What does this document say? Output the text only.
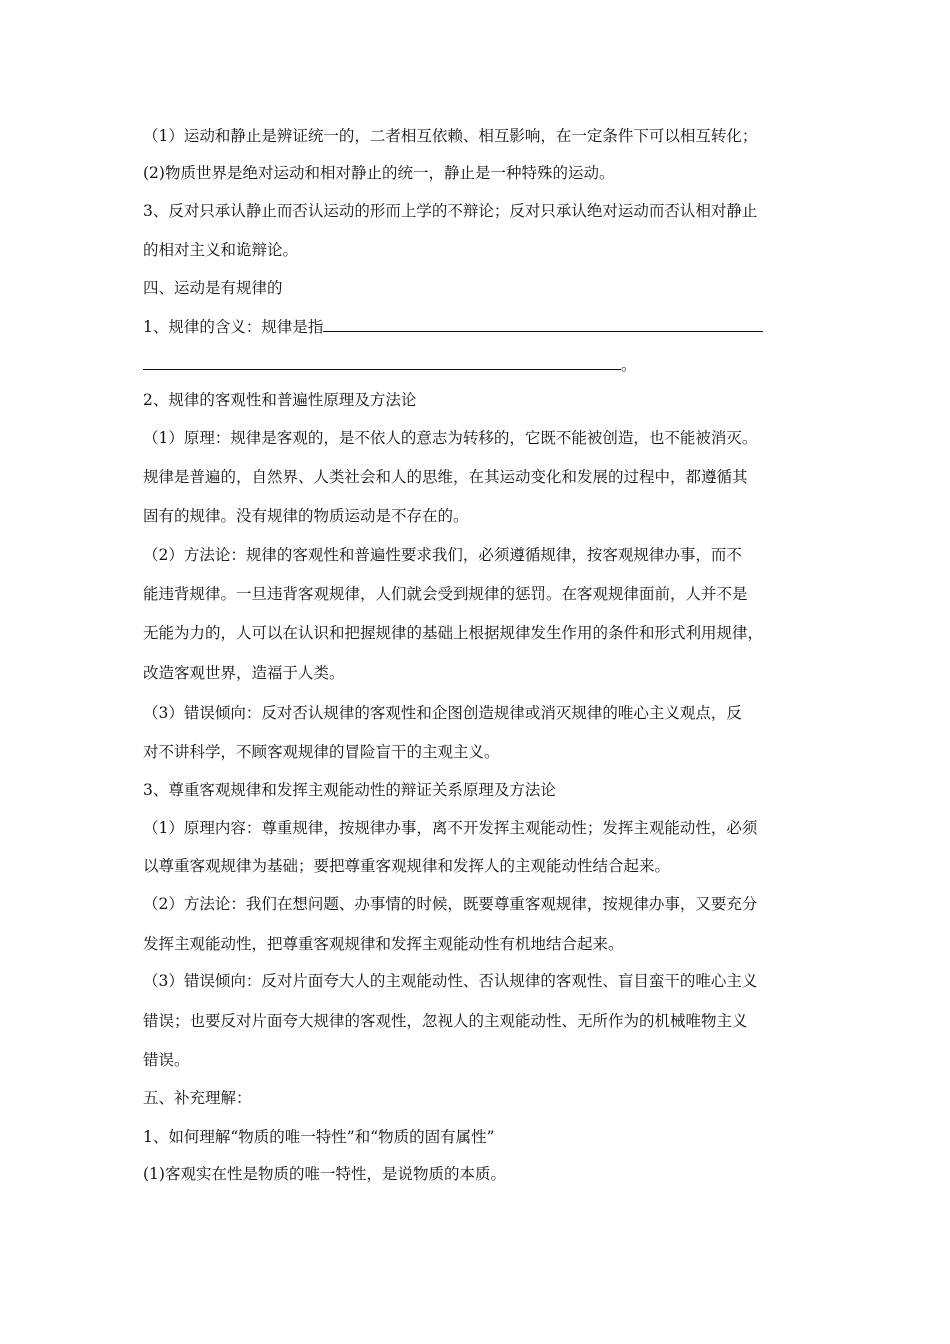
（1）运动和静止是辨证统一的，二者相互依赖、相互影响，在一定条件下可以相互转化；
(2)物质世界是绝对运动和相对静止的统一，静止是一种特殊的运动。
3、反对只承认静止而否认运动的形而上学的不辩论；反对只承认绝对运动而否认相对静止
的相对主义和诡辩论。
四、运动是有规律的
1、规律的含义：规律是指
。
2、规律的客观性和普遍性原理及方法论
（1）原理：规律是客观的，是不依人的意志为转移的，它既不能被创造，也不能被消灭。
规律是普遍的，自然界、人类社会和人的思维，在其运动变化和发展的过程中，都遵循其
固有的规律。没有规律的物质运动是不存在的。
（2）方法论：规律的客观性和普遍性要求我们，必须遵循规律，按客观规律办事，而不
能违背规律。一旦违背客观规律，人们就会受到规律的惩罚。在客观规律面前，人并不是
无能为力的，人可以在认识和把握规律的基础上根据规律发生作用的条件和形式利用规律，
改造客观世界，造福于人类。
（3）错误倾向：反对否认规律的客观性和企图创造规律或消灭规律的唯心主义观点，反
对不讲科学，不顾客观规律的冒险盲干的主观主义。
3、尊重客观规律和发挥主观能动性的辩证关系原理及方法论
（1）原理内容：尊重规律，按规律办事，离不开发挥主观能动性；发挥主观能动性，必须
以尊重客观规律为基础；要把尊重客观规律和发挥人的主观能动性结合起来。
（2）方法论：我们在想问题、办事情的时候，既要尊重客观规律，按规律办事，又要充分
发挥主观能动性，把尊重客观规律和发挥主观能动性有机地结合起来。
（3）错误倾向：反对片面夸大人的主观能动性、否认规律的客观性、盲目蛮干的唯心主义
错误；也要反对片面夸大规律的客观性，忽视人的主观能动性、无所作为的机械唯物主义
错误。
五、补充理解：
1、如何理解“物质的唯一特性”和“物质的固有属性”
(1)客观实在性是物质的唯一特性，是说物质的本质。
